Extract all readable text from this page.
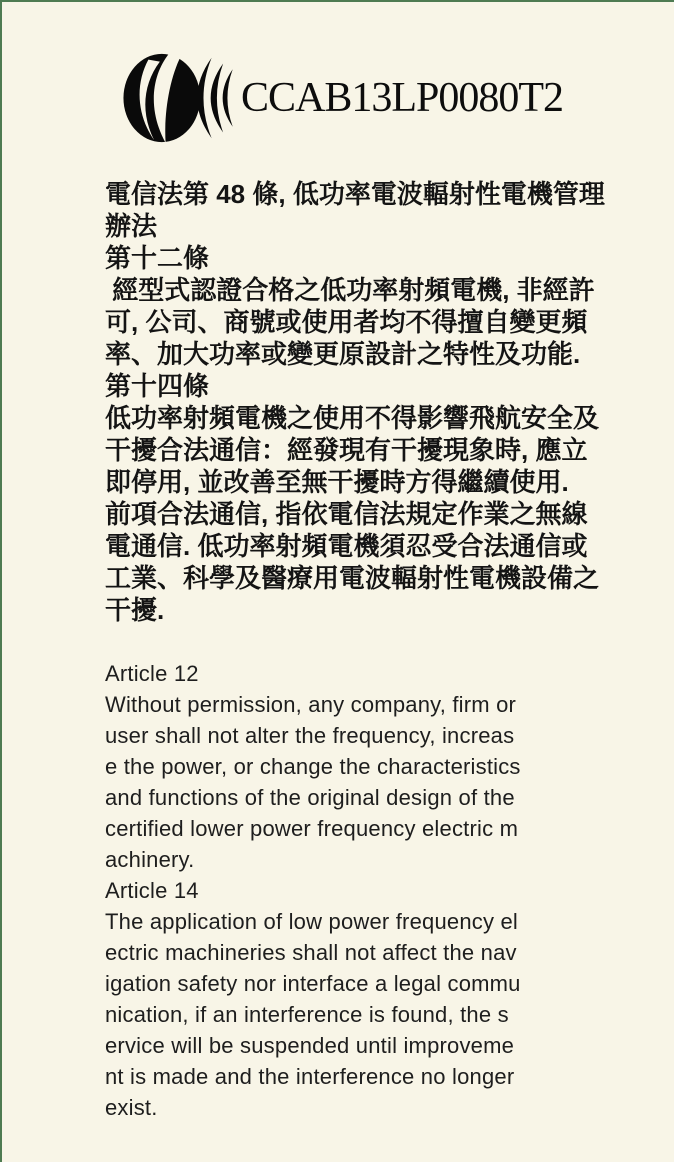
CCAB13LP0080T2
電信法第 48 條, 低功率電波輻射性電機管理
辦法
第十二條
經型式認證合格之低功率射頻電機, 非經許
可, 公司、商號或使用者均不得擅自變更頻
率、加大功率或變更原設計之特性及功能.
第十四條
低功率射頻電機之使用不得影響飛航安全及
干擾合法通信：經發現有干擾現象時, 應立
即停用, 並改善至無干擾時方得繼續使用.
前項合法通信, 指依電信法規定作業之無線
電通信. 低功率射頻電機須忍受合法通信或
工業、科學及醫療用電波輻射性電機設備之
干擾.
Article 12
Without permission, any company, firm or
user shall not alter the frequency, increas
e the power, or change the characteristics
and functions of the original design of the
certified lower power frequency electric m
achinery.
Article 14
The application of low power frequency el
ectric machineries shall not affect the nav
igation safety nor interface a legal commu
nication, if an interference is found, the s
ervice will be suspended until improveme
nt is made and the interference no longer
exist.
